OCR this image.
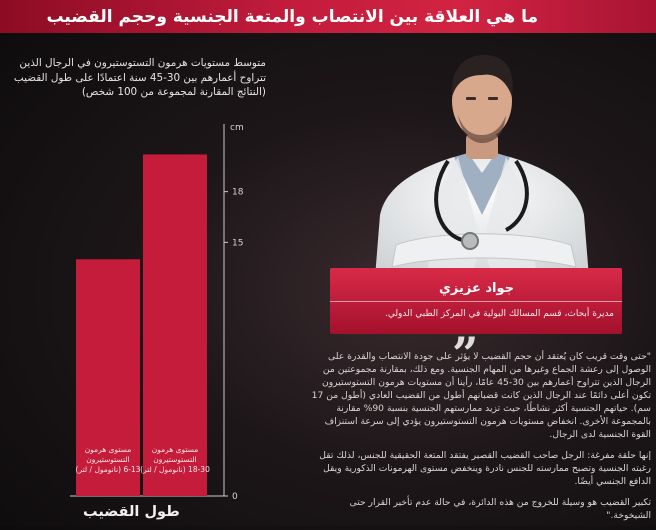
ما هي العلاقة بين الانتصاب والمتعة الجنسية وحجم القضيب
متوسط مستويات هرمون التستوستيرون في الرجال الذين تتراوح أعمارهم بين 30-45 سنة اعتمادًا على طول القضيب (النتائج المقارنة لمجموعة من 100 شخص)
cm
0
15
18
مستوى هرمون التستوستيرون 6-13 (نانومول / لتر)
مستوى هرمون التستوستيرون 18-30 (نانومول / لتر)
طول القضيب
جواد عزيزي
مديرة أبحاث، قسم المسالك البولية في المركز الطبي الدولي.
”

"حتى وقت قريب كان يُعتقد أن حجم القضيب لا يؤثر على جودة الانتصاب والقدرة على الوصول إلى رعشة الجماع وغيرها من المهام الجنسية. ومع ذلك، بمقارنة مجموعتين من الرجال الذين تتراوح أعمارهم بين 30-45 عامًا، رأينا أن مستويات هرمون التستوستيرون تكون أعلى دائمًا عند الرجال الذين كانت قضبانهم أطول من القضيب العادي (أطول من 17 سم). حياتهم الجنسية أكثر نشاطًا، حيث تزيد ممارستهم الجنسية بنسبة 90% مقارنة بالمجموعة الأخرى. انخفاض مستويات هرمون التستوستيرون يؤدي إلى سرعة استنزاف القوة الجنسية لدى الرجال.

إنها حلقة مفرغة: الرجل صاحب القضيب القصير يفتقد المتعة الحقيقية للجنس، لذلك تقل رغبته الجنسية وتصبح ممارسته للجنس نادرة وينخفض مستوى الهرمونات الذكورية ويقل الدافع الجنسي أيضًا.

تكبير القضيب هو وسيلة للخروج من هذه الدائرة، في حالة عدم تأخير القرار حتى الشيخوخة."
